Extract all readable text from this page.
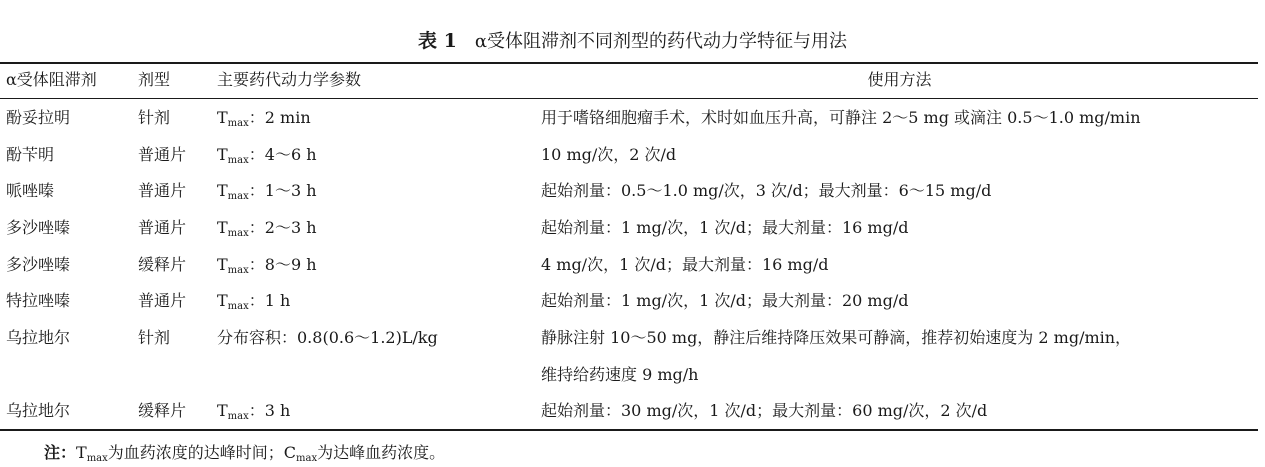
表 1 α受体阻滞剂不同剂型的药代动力学特征与用法
α受体阻滞剂	剂型	主要药代动力学参数	使用方法
酚妥拉明	针剂	$T_{max}$：2 min	用于嗜铬细胞瘤手术，术时如血压升高，可静注 2～5 mg 或滴注 0.5～1.0 mg/min
酚苄明	普通片 $T_{max}$：4～6 h	10 mg/次，2 次/d
哌唑嗪	普通片 $T_{max}$：1～3 h	起始剂量：0.5～1.0 mg/次，3 次/d；最大剂量：6～15 mg/d
多沙唑嗪	普通片 $T_{max}$：2～3 h	起始剂量：1 mg/次，1 次/d；最大剂量：16 mg/d
多沙唑嗪	缓释片 $T_{max}$：8～9 h	4 mg/次，1 次/d；最大剂量：16 mg/d
特拉唑嗪	普通片 $T_{max}$：1 h	起始剂量：1 mg/次，1 次/d；最大剂量：20 mg/d
乌拉地尔	针剂	分布容积：0.8(0.6～1.2)L/kg	静脉注射 10～50 mg，静注后维持降压效果可静滴，推荐初始速度为 2 mg/min，
维持给药速度 9 mg/h
乌拉地尔	缓释片 $T_{max}$：3 h	起始剂量：30 mg/次，1 次/d；最大剂量：60 mg/次，2 次/d
注：$T_{max}$为血药浓度的达峰时间；$C_{max}$为达峰血药浓度。
